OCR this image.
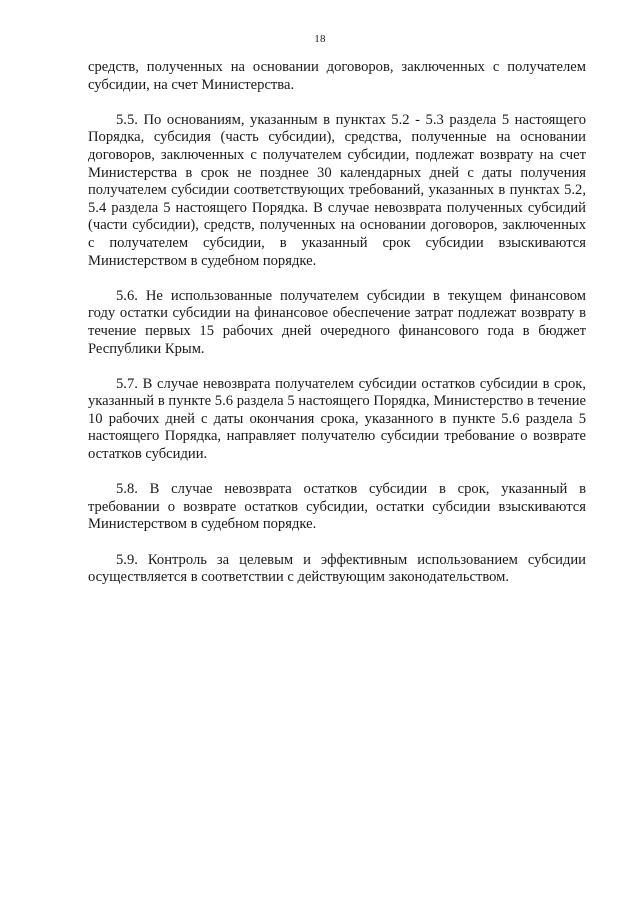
18

средств, полученных на основании договоров, заключенных с получателем субсидии, на счет Министерства.

5.5. По основаниям, указанным в пунктах 5.2 - 5.3 раздела 5 настоящего Порядка, субсидия (часть субсидии), средства, полученные на основании договоров, заключенных с получателем субсидии, подлежат возврату на счет Министерства в срок не позднее 30 календарных дней с даты получения получателем субсидии соответствующих требований, указанных в пунктах 5.2, 5.4 раздела 5 настоящего Порядка. В случае невозврата полученных субсидий (части субсидии), средств, полученных на основании договоров, заключенных с получателем субсидии, в указанный срок субсидии взыскиваются Министерством в судебном порядке.

5.6. Не использованные получателем субсидии в текущем финансовом году остатки субсидии на финансовое обеспечение затрат подлежат возврату в течение первых 15 рабочих дней очередного финансового года в бюджет Республики Крым.

5.7. В случае невозврата получателем субсидии остатков субсидии в срок, указанный в пункте 5.6 раздела 5 настоящего Порядка, Министерство в течение 10 рабочих дней с даты окончания срока, указанного в пункте 5.6 раздела 5 настоящего Порядка, направляет получателю субсидии требование о возврате остатков субсидии.

5.8. В случае невозврата остатков субсидии в срок, указанный в требовании о возврате остатков субсидии, остатки субсидии взыскиваются Министерством в судебном порядке.

5.9. Контроль за целевым и эффективным использованием субсидии осуществляется в соответствии с действующим законодательством.
